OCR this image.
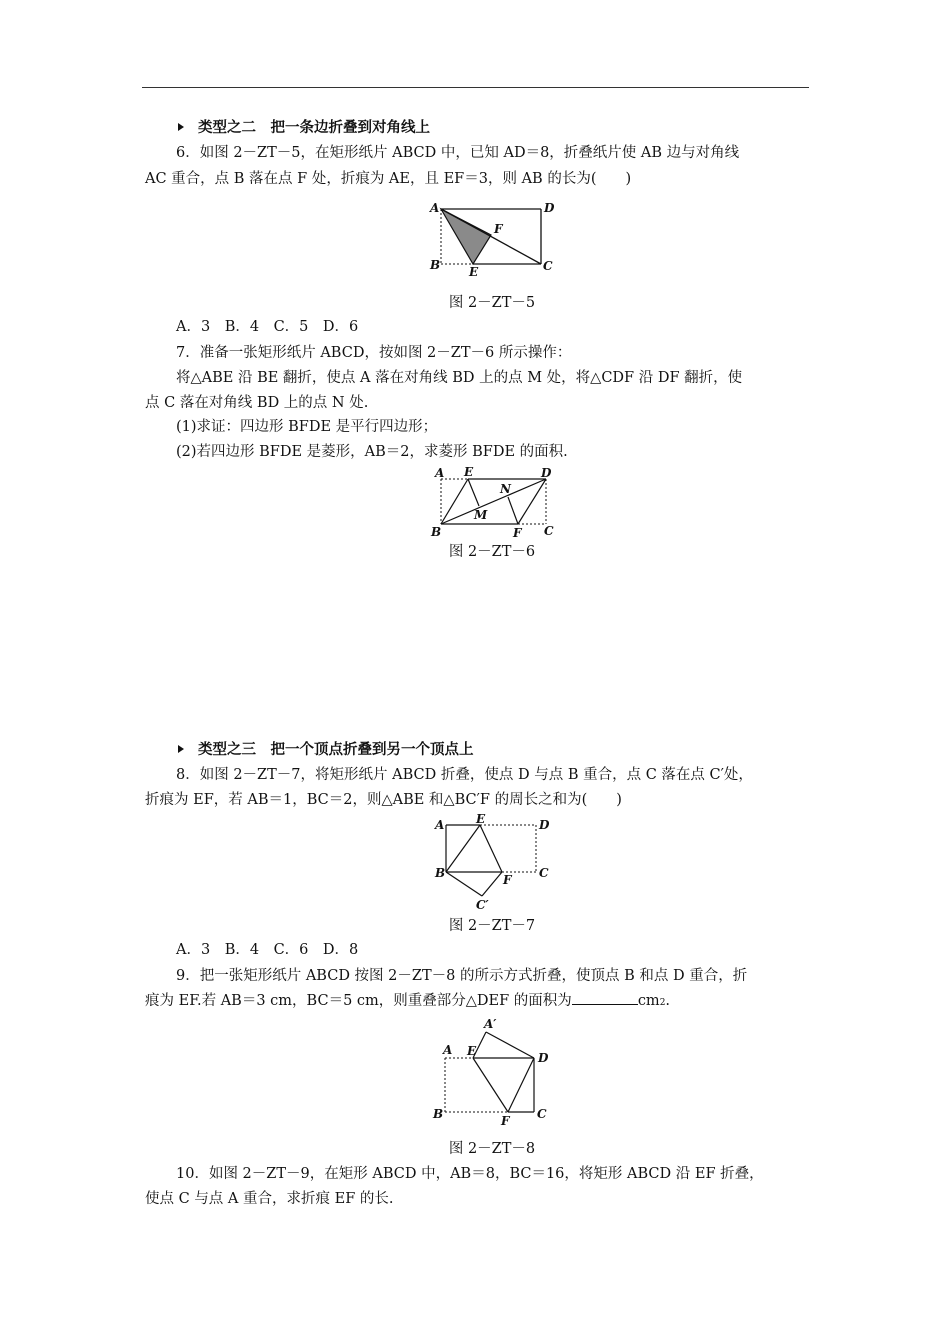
类型之二　把一条边折叠到对角线上
6．如图 2－ZT－5，在矩形纸片 ABCD 中，已知 AD＝8，折叠纸片使 AB 边与对角线
AC 重合，点 B 落在点 F 处，折痕为 AE，且 EF＝3，则 AB 的长为(　　)
A	D
B E	C
F
图 2－ZT－5
A．3　B．4　C．5　D．6
7．准备一张矩形纸片 ABCD，按如图 2－ZT－6 所示操作：
将△ABE 沿 BE 翻折，使点 A 落在对角线 BD 上的点 M 处，将△CDF 沿 DF 翻折，使
点 C 落在对角线 BD 上的点 N 处.
(1)求证：四边形 BFDE 是平行四边形；
(2)若四边形 BFDE 是菱形，AB＝2，求菱形 BFDE 的面积.
A E	D
N
M
B	F C
图 2－ZT－6
类型之三　把一个顶点折叠到另一个顶点上
8．如图 2－ZT－7，将矩形纸片 ABCD 折叠，使点 D 与点 B 重合，点 C 落在点 C′处，
折痕为 EF，若 AB＝1，BC＝2，则△ABE 和△BC′F 的周长之和为(　　)
A	E	D
B	F C
C′
图 2－ZT－7
A．3　B．4　C．6　D．8
9．把一张矩形纸片 ABCD 按图 2－ZT－8 的所示方式折叠，使顶点 B 和点 D 重合，折
痕为 EF.若 AB＝3 cm，BC＝5 cm，则重叠部分△DEF 的面积为	cm2.
A E
A′
D
B	F C
图 2－ZT－8
10．如图 2－ZT－9，在矩形 ABCD 中，AB＝8，BC＝16，将矩形 ABCD 沿 EF 折叠，
使点 C 与点 A 重合，求折痕 EF 的长.
